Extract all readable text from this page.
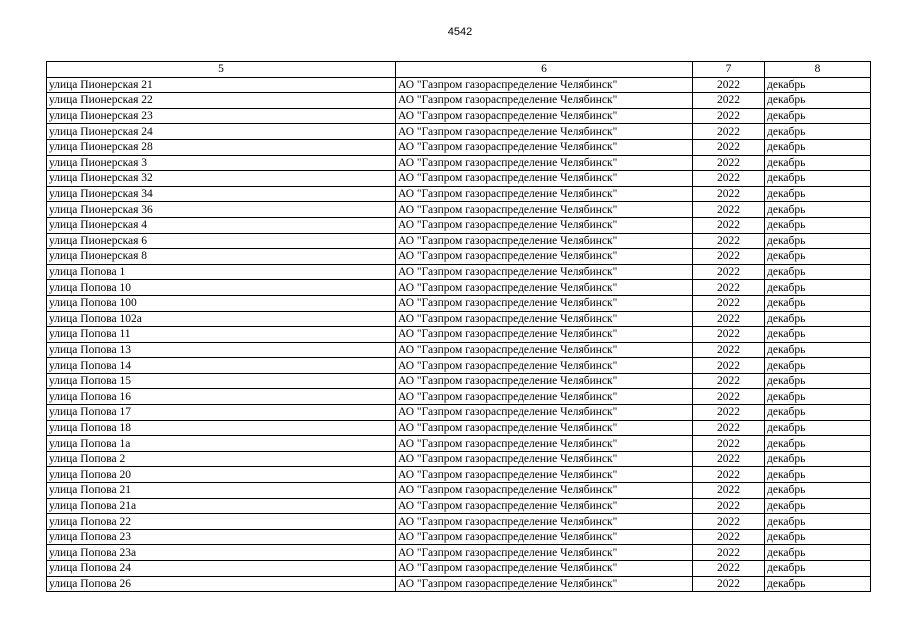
4542
5	6	7	8
улица Пионерская 21	АО "Газпром газораспределение Челябинск"	2022	декабрь
улица Пионерская 22	АО "Газпром газораспределение Челябинск"	2022	декабрь
улица Пионерская 23	АО "Газпром газораспределение Челябинск"	2022	декабрь
улица Пионерская 24	АО "Газпром газораспределение Челябинск"	2022	декабрь
улица Пионерская 28	АО "Газпром газораспределение Челябинск"	2022	декабрь
улица Пионерская 3	АО "Газпром газораспределение Челябинск"	2022	декабрь
улица Пионерская 32	АО "Газпром газораспределение Челябинск"	2022	декабрь
улица Пионерская 34	АО "Газпром газораспределение Челябинск"	2022	декабрь
улица Пионерская 36	АО "Газпром газораспределение Челябинск"	2022	декабрь
улица Пионерская 4	АО "Газпром газораспределение Челябинск"	2022	декабрь
улица Пионерская 6	АО "Газпром газораспределение Челябинск"	2022	декабрь
улица Пионерская 8	АО "Газпром газораспределение Челябинск"	2022	декабрь
улица Попова 1	АО "Газпром газораспределение Челябинск"	2022	декабрь
улица Попова 10	АО "Газпром газораспределение Челябинск"	2022	декабрь
улица Попова 100	АО "Газпром газораспределение Челябинск"	2022	декабрь
улица Попова 102а	АО "Газпром газораспределение Челябинск"	2022	декабрь
улица Попова 11	АО "Газпром газораспределение Челябинск"	2022	декабрь
улица Попова 13	АО "Газпром газораспределение Челябинск"	2022	декабрь
улица Попова 14	АО "Газпром газораспределение Челябинск"	2022	декабрь
улица Попова 15	АО "Газпром газораспределение Челябинск"	2022	декабрь
улица Попова 16	АО "Газпром газораспределение Челябинск"	2022	декабрь
улица Попова 17	АО "Газпром газораспределение Челябинск"	2022	декабрь
улица Попова 18	АО "Газпром газораспределение Челябинск"	2022	декабрь
улица Попова 1а	АО "Газпром газораспределение Челябинск"	2022	декабрь
улица Попова 2	АО "Газпром газораспределение Челябинск"	2022	декабрь
улица Попова 20	АО "Газпром газораспределение Челябинск"	2022	декабрь
улица Попова 21	АО "Газпром газораспределение Челябинск"	2022	декабрь
улица Попова 21а	АО "Газпром газораспределение Челябинск"	2022	декабрь
улица Попова 22	АО "Газпром газораспределение Челябинск"	2022	декабрь
улица Попова 23	АО "Газпром газораспределение Челябинск"	2022	декабрь
улица Попова 23а	АО "Газпром газораспределение Челябинск"	2022	декабрь
улица Попова 24	АО "Газпром газораспределение Челябинск"	2022	декабрь
улица Попова 26	АО "Газпром газораспределение Челябинск"	2022	декабрь
